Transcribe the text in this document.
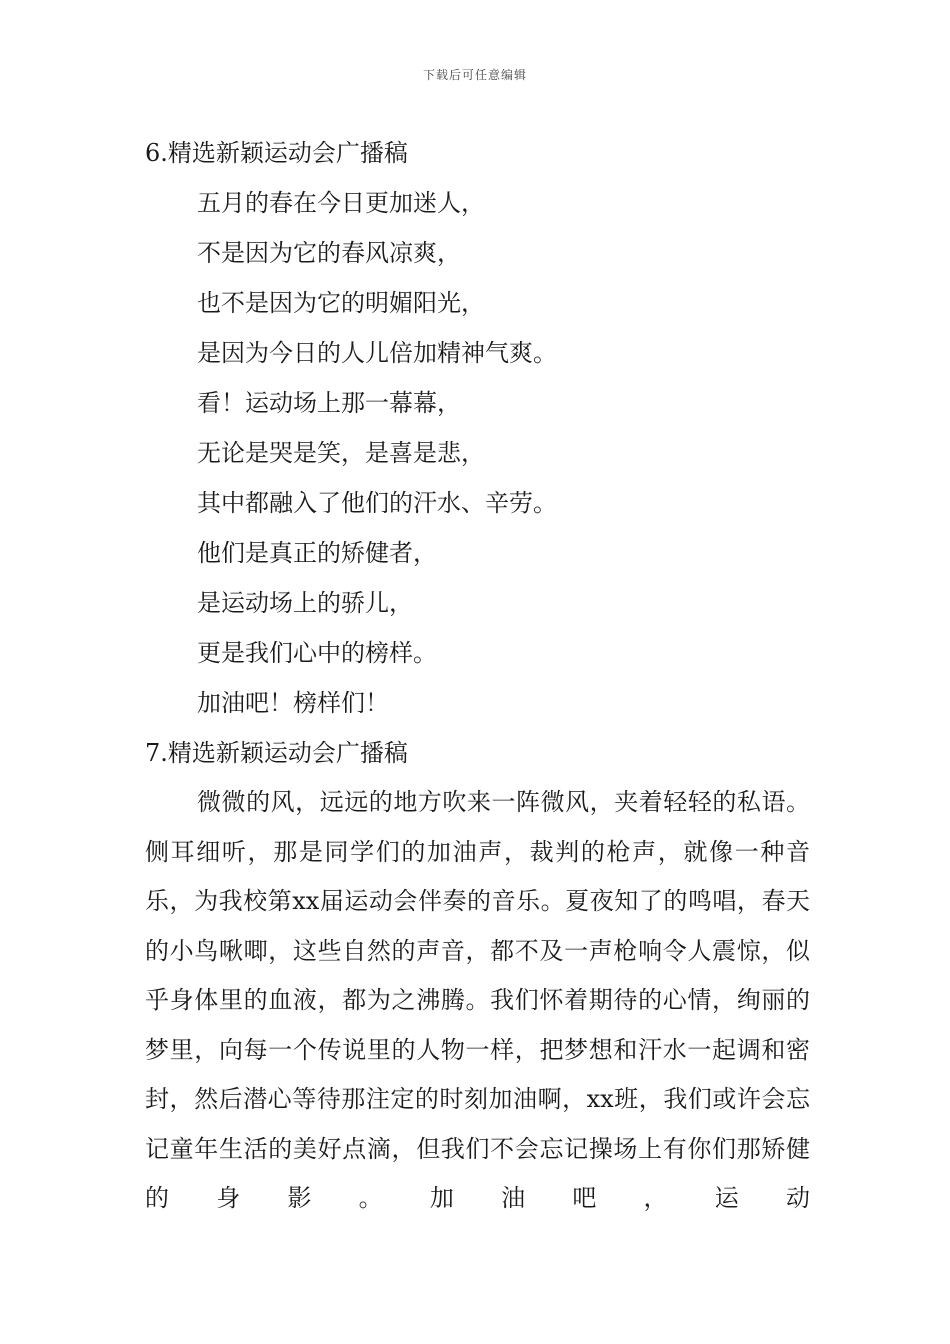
下载后可任意编辑
6.精选新颖运动会广播稿
五月的春在今日更加迷人，
不是因为它的春风凉爽，
也不是因为它的明媚阳光，
是因为今日的人儿倍加精神气爽。
看！运动场上那一幕幕，
无论是哭是笑，是喜是悲，
其中都融入了他们的汗水、辛劳。
他们是真正的矫健者，
是运动场上的骄儿，
更是我们心中的榜样。
加油吧！榜样们！
7.精选新颖运动会广播稿

微微的风，远远的地方吹来一阵微风，夹着轻轻的私语。侧耳细听，那是同学们的加油声，裁判的枪声，就像一种音乐，为我校第xx届运动会伴奏的音乐。夏夜知了的鸣唱，春天的小鸟啾唧，这些自然的声音，都不及一声枪响令人震惊，似乎身体里的血液，都为之沸腾。我们怀着期待的心情，绚丽的梦里，向每一个传说里的人物一样，把梦想和汗水一起调和密封，然后潜心等待那注定的时刻加油啊，xx班，我们或许会忘记童年生活的美好点滴，但我们不会忘记操场上有你们那矫健的身影。加油吧，运动
